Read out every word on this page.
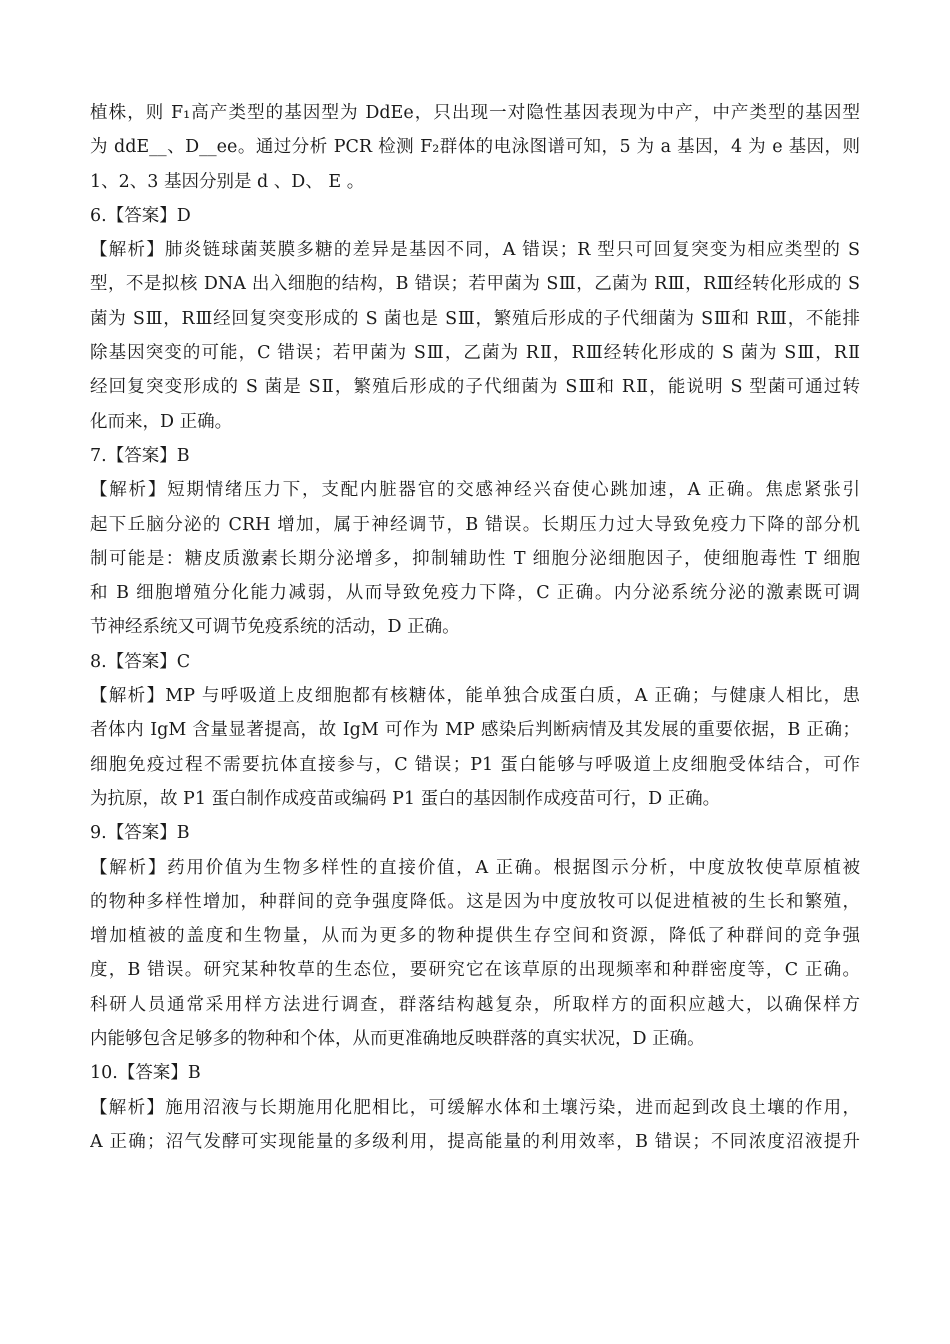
植株，则 F₁高产类型的基因型为 DdEe，只出现一对隐性基因表现为中产，中产类型的基因型
为 ddE__、D__ee。通过分析 PCR 检测 F₂群体的电泳图谱可知，5 为 a 基因，4 为 e 基因，则
1、2、3 基因分别是 d 、D、 E 。
6.【答案】D
【解析】肺炎链球菌荚膜多糖的差异是基因不同，A 错误；R 型只可回复突变为相应类型的 S
型，不是拟核 DNA 出入细胞的结构，B 错误；若甲菌为 SⅢ，乙菌为 RⅢ，RⅢ经转化形成的 S
菌为 SⅢ，RⅢ经回复突变形成的 S 菌也是 SⅢ，繁殖后形成的子代细菌为 SⅢ和 RⅢ，不能排
除基因突变的可能，C 错误；若甲菌为 SⅢ，乙菌为 RⅡ，RⅢ经转化形成的 S 菌为 SⅢ，RⅡ
经回复突变形成的 S 菌是 SⅡ，繁殖后形成的子代细菌为 SⅢ和 RⅡ，能说明 S 型菌可通过转
化而来，D 正确。
7.【答案】B
【解析】短期情绪压力下，支配内脏器官的交感神经兴奋使心跳加速，A 正确。焦虑紧张引
起下丘脑分泌的 CRH 增加，属于神经调节，B 错误。长期压力过大导致免疫力下降的部分机
制可能是：糖皮质激素长期分泌增多，抑制辅助性 T 细胞分泌细胞因子，使细胞毒性 T 细胞
和 B 细胞增殖分化能力减弱，从而导致免疫力下降，C 正确。内分泌系统分泌的激素既可调
节神经系统又可调节免疫系统的活动，D 正确。
8.【答案】C
【解析】MP 与呼吸道上皮细胞都有核糖体，能单独合成蛋白质，A 正确；与健康人相比，患
者体内 IgM 含量显著提高，故 IgM 可作为 MP 感染后判断病情及其发展的重要依据，B 正确；
细胞免疫过程不需要抗体直接参与，C 错误；P1 蛋白能够与呼吸道上皮细胞受体结合，可作
为抗原，故 P1 蛋白制作成疫苗或编码 P1 蛋白的基因制作成疫苗可行，D 正确。
9.【答案】B
【解析】药用价值为生物多样性的直接价值，A 正确。根据图示分析，中度放牧使草原植被
的物种多样性增加，种群间的竞争强度降低。这是因为中度放牧可以促进植被的生长和繁殖，
增加植被的盖度和生物量，从而为更多的物种提供生存空间和资源，降低了种群间的竞争强
度，B 错误。研究某种牧草的生态位，要研究它在该草原的出现频率和种群密度等，C 正确。
科研人员通常采用样方法进行调查，群落结构越复杂，所取样方的面积应越大，以确保样方
内能够包含足够多的物种和个体，从而更准确地反映群落的真实状况，D 正确。
10.【答案】B
【解析】施用沼液与长期施用化肥相比，可缓解水体和土壤污染，进而起到改良土壤的作用，
A 正确；沼气发酵可实现能量的多级利用，提高能量的利用效率，B 错误；不同浓度沼液提升
